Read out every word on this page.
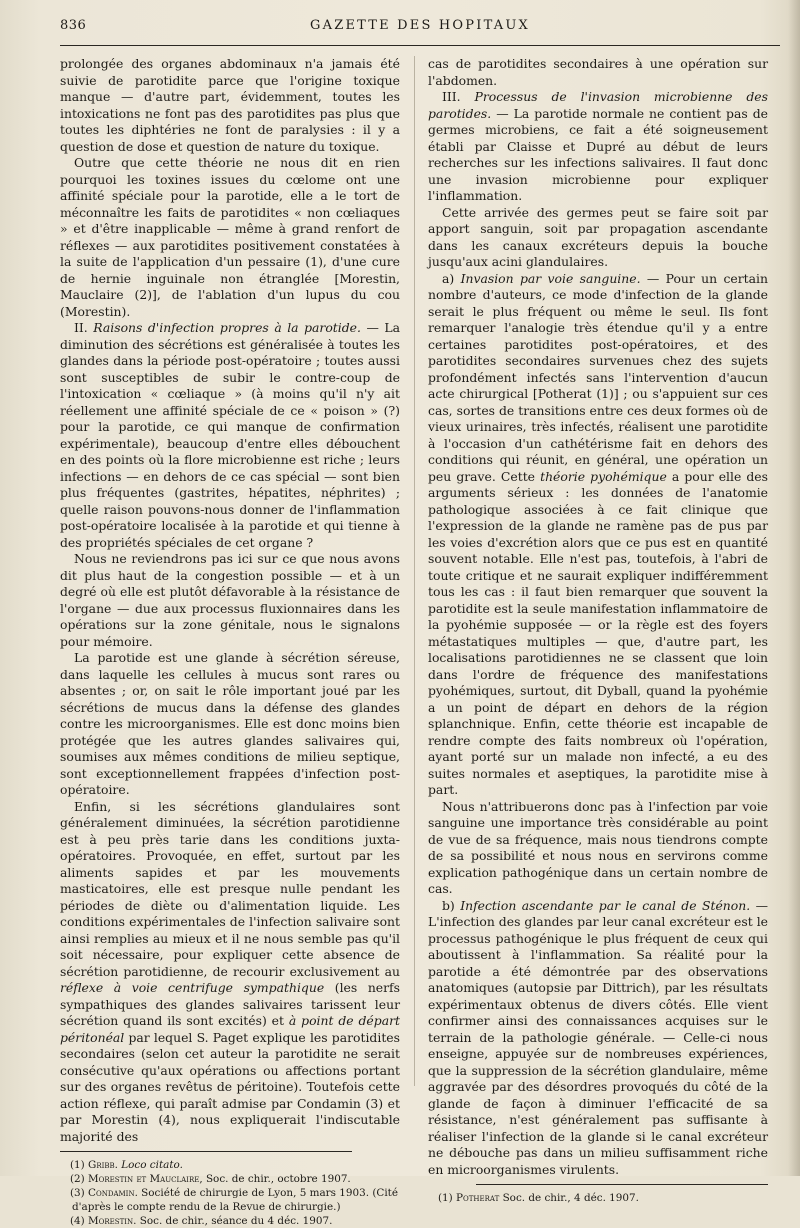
836	GAZETTE DES HOPITAUX

prolongée des organes abdominaux n'a jamais été suivie de parotidite parce que l'origine toxique manque — d'autre part, évidemment, toutes les intoxications ne font pas des parotidites pas plus que toutes les diphtéries ne font de paralysies : il y a question de dose et question de nature du toxique.

Outre que cette théorie ne nous dit en rien pourquoi les toxines issues du cœlome ont une affinité spéciale pour la parotide, elle a le tort de méconnaître les faits de parotidites « non cœliaques » et d'être inapplicable — même à grand renfort de réflexes — aux parotidites positivement constatées à la suite de l'application d'un pessaire (1), d'une cure de hernie inguinale non étranglée [Morestin, Mauclaire (2)], de l'ablation d'un lupus du cou (Morestin).

II. Raisons d'infection propres à la parotide. — La diminution des sécrétions est généralisée à toutes les glandes dans la période post-opératoire ; toutes aussi sont susceptibles de subir le contre-coup de l'intoxication « cœliaque » (à moins qu'il n'y ait réellement une affinité spéciale de ce « poison » (?) pour la parotide, ce qui manque de confirmation expérimentale), beaucoup d'entre elles débouchent en des points où la flore microbienne est riche ; leurs infections — en dehors de ce cas spécial — sont bien plus fréquentes (gastrites, hépatites, néphrites) ; quelle raison pouvons-nous donner de l'inflammation post-opératoire localisée à la parotide et qui tienne à des propriétés spéciales de cet organe ?

Nous ne reviendrons pas ici sur ce que nous avons dit plus haut de la congestion possible — et à un degré où elle est plutôt défavorable à la résistance de l'organe — due aux processus fluxionnaires dans les opérations sur la zone génitale, nous le signalons pour mémoire.

La parotide est une glande à sécrétion séreuse, dans laquelle les cellules à mucus sont rares ou absentes ; or, on sait le rôle important joué par les sécrétions de mucus dans la défense des glandes contre les microorganismes. Elle est donc moins bien protégée que les autres glandes salivaires qui, soumises aux mêmes conditions de milieu septique, sont exceptionnellement frappées d'infection post-opératoire.

Enfin, si les sécrétions glandulaires sont généralement diminuées, la sécrétion parotidienne est à peu près tarie dans les conditions juxta-opératoires. Provoquée, en effet, surtout par les aliments sapides et par les mouvements masticatoires, elle est presque nulle pendant les périodes de diète ou d'alimentation liquide. Les conditions expérimentales de l'infection salivaire sont ainsi remplies au mieux et il ne nous semble pas qu'il soit nécessaire, pour expliquer cette absence de sécrétion parotidienne, de recourir exclusivement au réflexe à voie centrifuge sympathique (les nerfs sympathiques des glandes salivaires tarissent leur sécrétion quand ils sont excités) et à point de départ péritonéal par lequel S. Paget explique les parotidites secondaires (selon cet auteur la parotidite ne serait consécutive qu'aux opérations ou affections portant sur des organes revêtus de péritoine). Toutefois cette action réflexe, qui paraît admise par Condamin (3) et par Morestin (4), nous expliquerait l'indiscutable majorité des

(1) Gribb. Loco citato.
(2) Morestin et Mauclaire, Soc. de chir., octobre 1907.
(3) Condamin. Société de chirurgie de Lyon, 5 mars 1903. (Cité d'après le compte rendu de la Revue de chirurgie.)
(4) Morestin. Soc. de chir., séance du 4 déc. 1907.

cas de parotidites secondaires à une opération sur l'abdomen.

III. Processus de l'invasion microbienne des parotides. — La parotide normale ne contient pas de germes microbiens, ce fait a été soigneusement établi par Claisse et Dupré au début de leurs recherches sur les infections salivaires. Il faut donc une invasion microbienne pour expliquer l'inflammation.

Cette arrivée des germes peut se faire soit par apport sanguin, soit par propagation ascendante dans les canaux excréteurs depuis la bouche jusqu'aux acini glandulaires.

a) Invasion par voie sanguine. — Pour un certain nombre d'auteurs, ce mode d'infection de la glande serait le plus fréquent ou même le seul. Ils font remarquer l'analogie très étendue qu'il y a entre certaines parotidites post-opératoires, et des parotidites secondaires survenues chez des sujets profondément infectés sans l'intervention d'aucun acte chirurgical [Potherat (1)] ; ou s'appuient sur ces cas, sortes de transitions entre ces deux formes où de vieux urinaires, très infectés, réalisent une parotidite à l'occasion d'un cathétérisme fait en dehors des conditions qui réunit, en général, une opération un peu grave. Cette théorie pyohémique a pour elle des arguments sérieux : les données de l'anatomie pathologique associées à ce fait clinique que l'expression de la glande ne ramène pas de pus par les voies d'excrétion alors que ce pus est en quantité souvent notable. Elle n'est pas, toutefois, à l'abri de toute critique et ne saurait expliquer indifféremment tous les cas : il faut bien remarquer que souvent la parotidite est la seule manifestation inflammatoire de la pyohémie supposée — or la règle est des foyers métastatiques multiples — que, d'autre part, les localisations parotidiennes ne se classent que loin dans l'ordre de fréquence des manifestations pyohémiques, surtout, dit Dyball, quand la pyohémie a un point de départ en dehors de la région splanchnique. Enfin, cette théorie est incapable de rendre compte des faits nombreux où l'opération, ayant porté sur un malade non infecté, a eu des suites normales et aseptiques, la parotidite mise à part.

Nous n'attribuerons donc pas à l'infection par voie sanguine une importance très considérable au point de vue de sa fréquence, mais nous tiendrons compte de sa possibilité et nous nous en servirons comme explication pathogénique dans un certain nombre de cas.

b) Infection ascendante par le canal de Sténon. — L'infection des glandes par leur canal excréteur est le processus pathogénique le plus fréquent de ceux qui aboutissent à l'inflammation. Sa réalité pour la parotide a été démontrée par des observations anatomiques (autopsie par Dittrich), par les résultats expérimentaux obtenus de divers côtés. Elle vient confirmer ainsi des connaissances acquises sur le terrain de la pathologie générale. — Celle-ci nous enseigne, appuyée sur de nombreuses expériences, que la suppression de la sécrétion glandulaire, même aggravée par des désordres provoqués du côté de la glande de façon à diminuer l'efficacité de sa résistance, n'est généralement pas suffisante à réaliser l'infection de la glande si le canal excréteur ne débouche pas dans un milieu suffisamment riche en microorganismes virulents.

(1) Potherat Soc. de chir., 4 déc. 1907.
